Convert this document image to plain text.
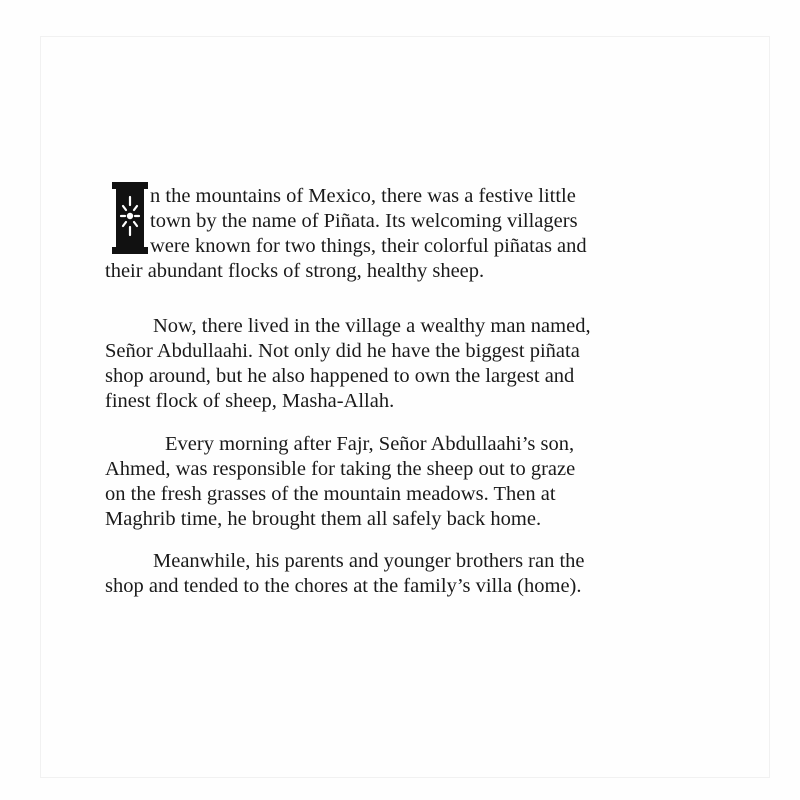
n the mountains of Mexico, there was a festive little
town by the name of Piñata. Its welcoming villagers
were known for two things, their colorful piñatas and
their abundant flocks of strong, healthy sheep.
Now, there lived in the village a wealthy man named,
Señor Abdullaahi. Not only did he have the biggest piñata
shop around, but he also happened to own the largest and
finest flock of sheep, Masha-Allah.
Every morning after Fajr, Señor Abdullaahi’s son,
Ahmed, was responsible for taking the sheep out to graze
on the fresh grasses of the mountain meadows. Then at
Maghrib time, he brought them all safely back home.
Meanwhile, his parents and younger brothers ran the
shop and tended to the chores at the family’s villa (home).
